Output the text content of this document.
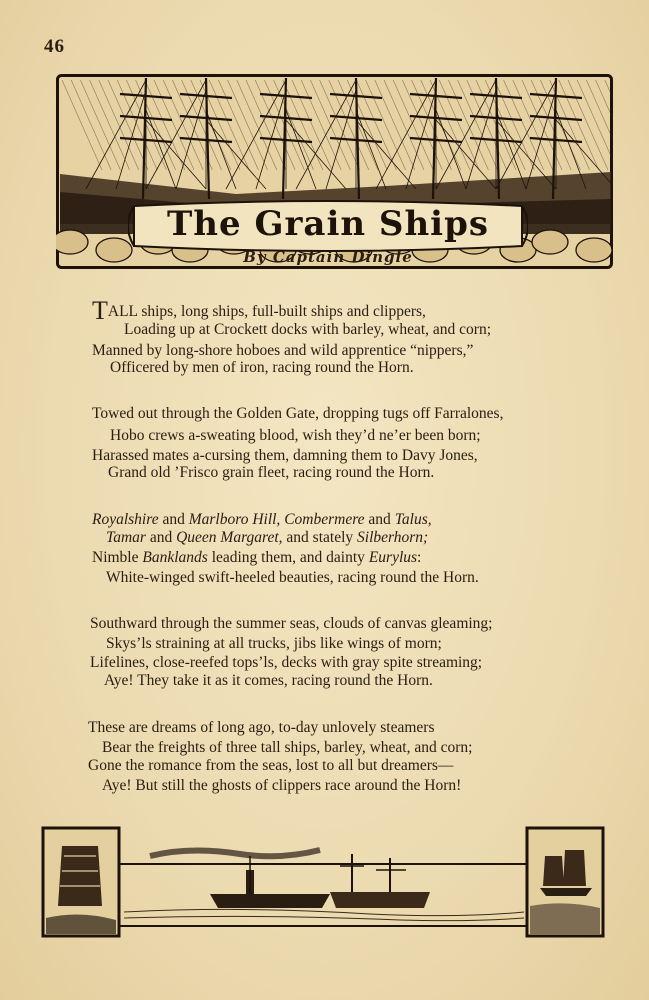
46
The Grain Ships
By Captain Dingle
TALL ships, long ships, full-built ships and clippers,
Loading up at Crockett docks with barley, wheat, and corn;
Manned by long-shore hoboes and wild apprentice “nippers,”
Officered by men of iron, racing round the Horn.
Towed out through the Golden Gate, dropping tugs off Farralones,
Hobo crews a-sweating blood, wish they’d ne’er been born;
Harassed mates a-cursing them, damning them to Davy Jones,
Grand old ’Frisco grain fleet, racing round the Horn.
Royalshire and Marlboro Hill, Combermere and Talus,
Tamar and Queen Margaret, and stately Silberhorn;
Nimble Banklands leading them, and dainty Eurylus:
White-winged swift-heeled beauties, racing round the Horn.
Southward through the summer seas, clouds of canvas gleaming;
Skys’ls straining at all trucks, jibs like wings of morn;
Lifelines, close-reefed tops’ls, decks with gray spite streaming;
Aye! They take it as it comes, racing round the Horn.
These are dreams of long ago, to-day unlovely steamers
Bear the freights of three tall ships, barley, wheat, and corn;
Gone the romance from the seas, lost to all but dreamers—
Aye! But still the ghosts of clippers race around the Horn!
